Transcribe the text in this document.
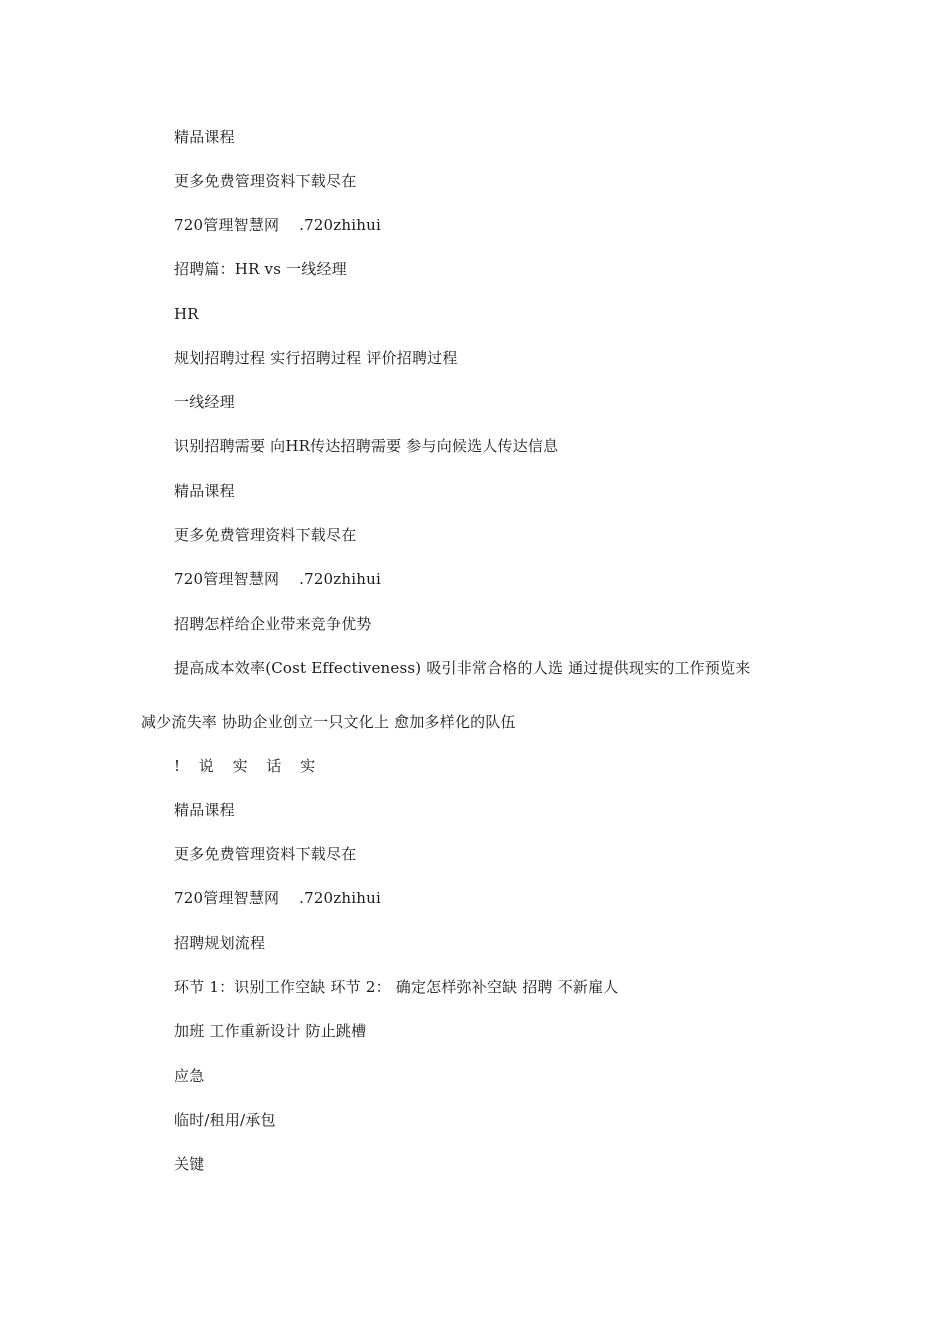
精品课程

更多免费管理资料下载尽在

720管理智慧网    .720zhihui

招聘篇：HR vs 一线经理

HR

规划招聘过程 实行招聘过程 评价招聘过程

一线经理

识别招聘需要 向HR传达招聘需要 参与向候选人传达信息

精品课程

更多免费管理资料下载尽在

720管理智慧网    .720zhihui

招聘怎样给企业带来竞争优势

提高成本效率(Cost Effectiveness) 吸引非常合格的人选 通过提供现实的工作预览来

减少流失率 协助企业创立一只文化上 愈加多样化的队伍

! 说 实 话 实

精品课程

更多免费管理资料下载尽在

720管理智慧网    .720zhihui

招聘规划流程

环节 1：识别工作空缺 环节 2： 确定怎样弥补空缺 招聘 不新雇人

加班 工作重新设计 防止跳槽

应急

临时/租用/承包

关键
